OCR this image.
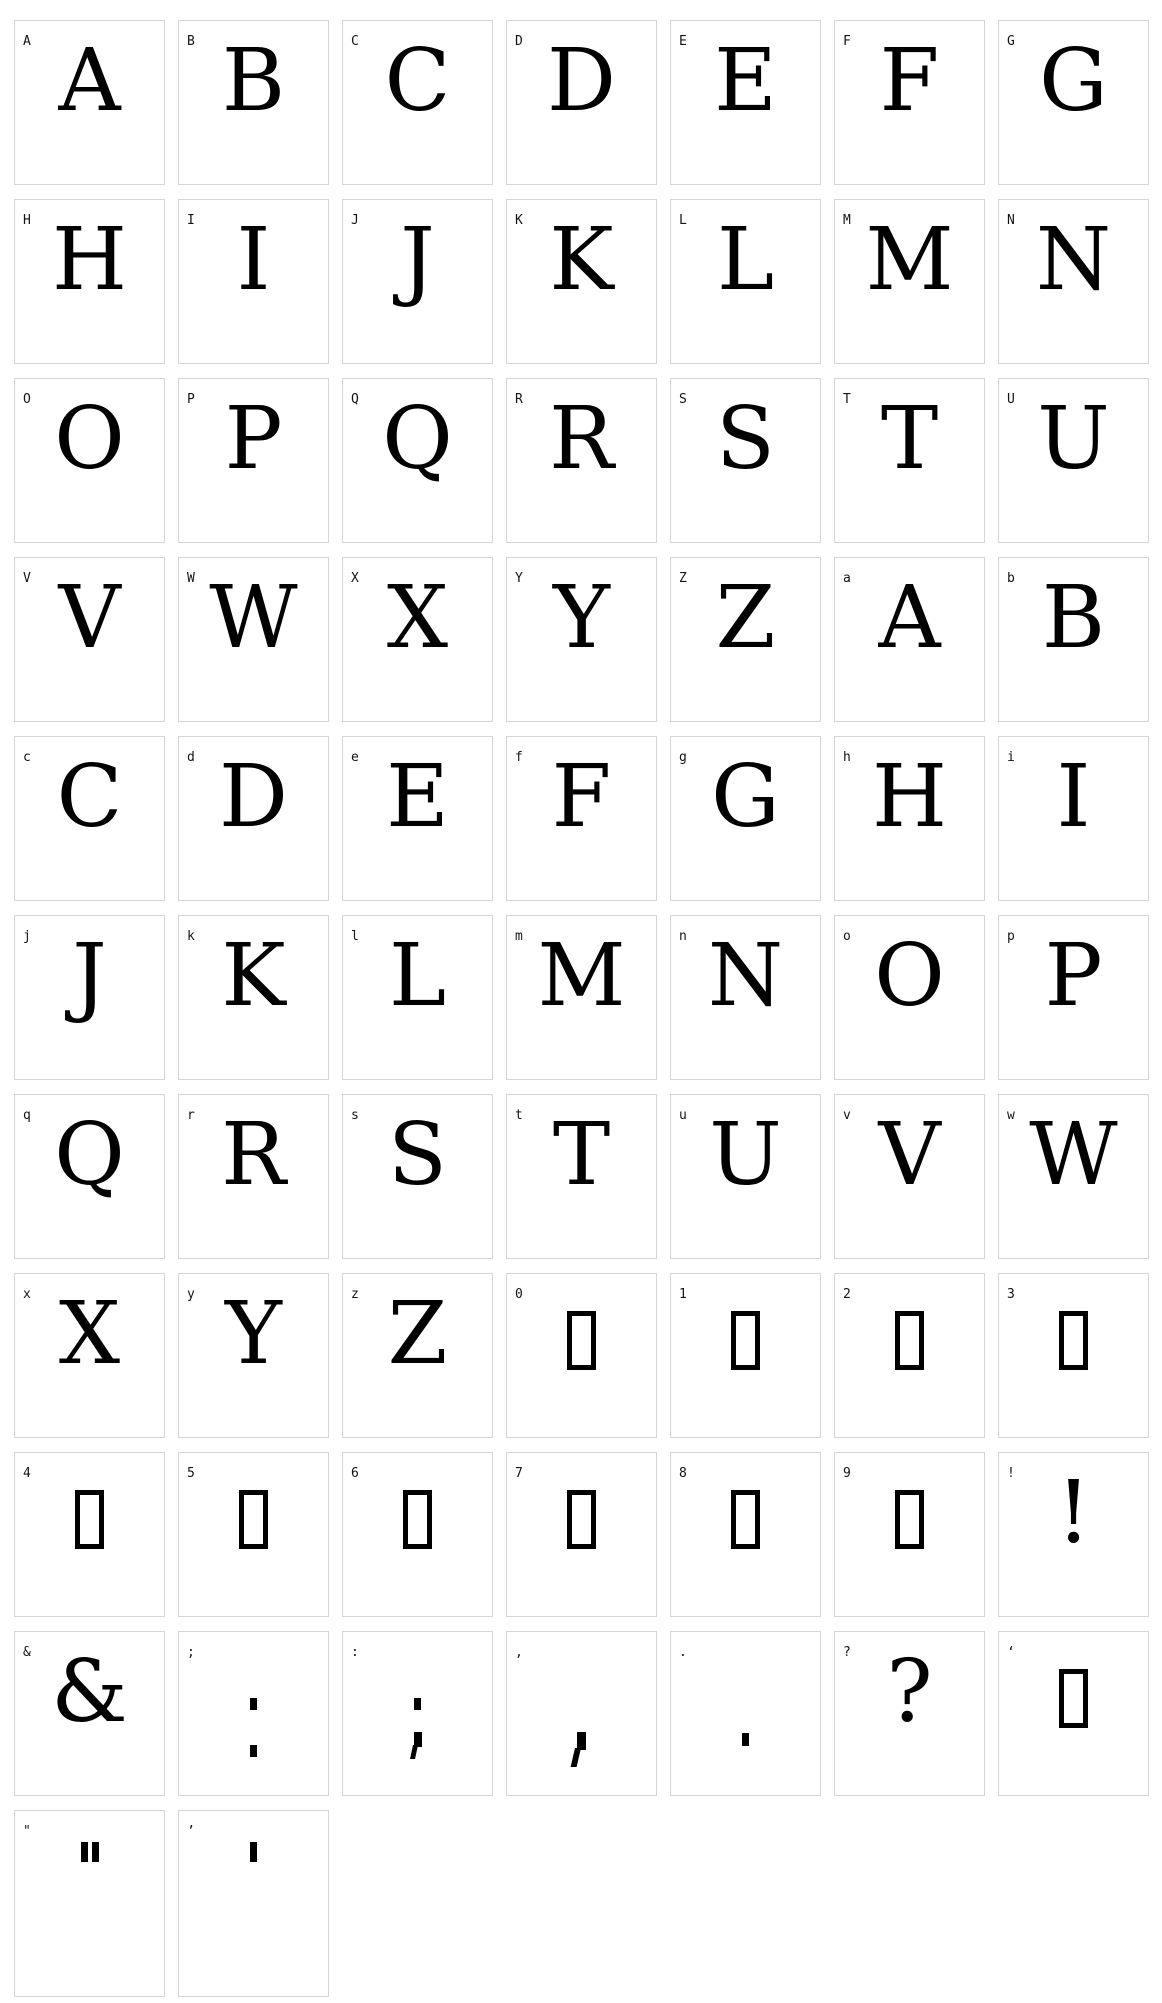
A A	B B	C C	D D	E E	F F	G G
H H	I I	J J	K K	L L	M M	N N
O O	P P	Q Q	R R	S S	T T	U U
V V	W W	X X	Y Y	Z Z	a A	b B
c C	d D	e E	f F	g G	h H	i I
j J	k K	l L	m M	n N	o O	p P
q Q	r R	s S	t T	u U	v V	w W
x X	y Y	z Z	0	1	2	3
4	5	6	7	8	9	! !
& &	;	:	,	.	? ?	‘
"	’
